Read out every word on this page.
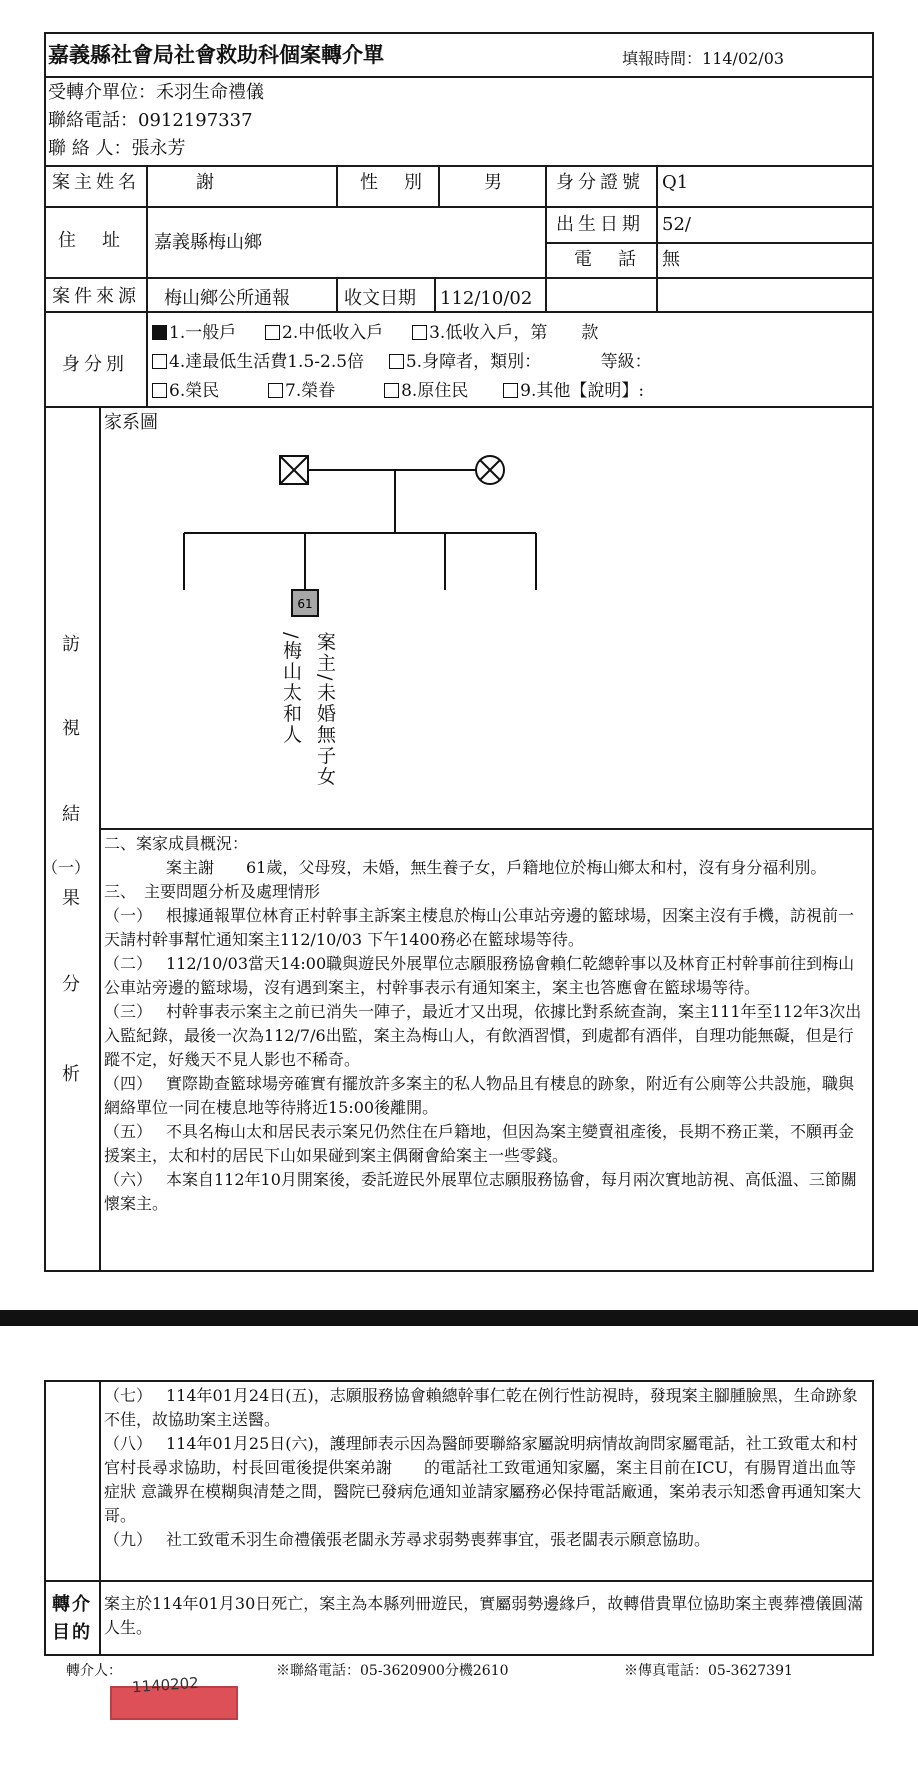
嘉義縣社會局社會救助科個案轉介單	填報時間：114/02/03
受轉介單位：禾羽生命禮儀
聯絡電話：0912197337
聯 絡 人：張永芳
案主姓名	謝	性　別	男	身分證號 Q1
住　址 嘉義縣梅山鄉
出生日期 52/
電　話 無
案件來源 梅山鄉公所通報	收文日期 112/10/02
身分別
1.一般戶	2.中低收入戶	3.低收入戶，第　　款
4.達最低生活費1.5-2.5倍 5.身障者，類別：　　　　等級：
6.榮民	7.榮眷	8.原住民	9.其他【說明】:
訪
視
結
果
分
析
家系圖
61
案主/未婚無子女
/梅山太和人
二、案家成員概況：
（一）	案主謝　　61歲，父母歿，未婚，無生養子女，戶籍地位於梅山鄉太和村，沒有身分福利別。
三、　主要問題分析及處理情形
（一） 根據通報單位林育正村幹事主訴案主棲息於梅山公車站旁邊的籃球場，因案主沒有手機，訪視前一天請村幹事幫忙通知案主112/10/03 下午1400務必在籃球場等待。
（二） 112/10/03當天14:00職與遊民外展單位志願服務協會賴仁乾總幹事以及林育正村幹事前往到梅山公車站旁邊的籃球場，沒有遇到案主，村幹事表示有通知案主，案主也答應會在籃球場等待。
（三） 村幹事表示案主之前已消失一陣子，最近才又出現，依據比對系統查詢，案主111年至112年3次出入監紀錄，最後一次為112/7/6出監，案主為梅山人，有飲酒習慣，到處都有酒伴，自理功能無礙，但是行蹤不定，好幾天不見人影也不稀奇。
（四） 實際勘查籃球場旁確實有擺放許多案主的私人物品且有棲息的跡象，附近有公廁等公共設施，職與網絡單位一同在棲息地等待將近15:00後離開。
（五） 不具名梅山太和居民表示案兄仍然住在戶籍地，但因為案主變賣祖產後，長期不務正業，不願再金援案主，太和村的居民下山如果碰到案主偶爾會給案主一些零錢。
（六） 本案自112年10月開案後，委託遊民外展單位志願服務協會，每月兩次實地訪視、高低溫、三節關懷案主。
（七） 114年01月24日(五)，志願服務協會賴總幹事仁乾在例行性訪視時，發現案主腳腫臉黑，生命跡象不佳，故協助案主送醫。
（八） 114年01月25日(六)，護理師表示因為醫師要聯絡家屬說明病情故詢問家屬電話，社工致電太和村官村長尋求協助，村長回電後提供案弟謝　　的電話社工致電通知家屬，案主目前在ICU，有腸胃道出血等症狀 意識界在模糊與清楚之間，醫院已發病危通知並請家屬務必保持電話廠通，案弟表示知悉會再通知案大哥。
（九） 社工致電禾羽生命禮儀張老闆永芳尋求弱勢喪葬事宜，張老闆表示願意協助。
轉介
目的
案主於114年01月30日死亡，案主為本縣列冊遊民，實屬弱勢邊緣戶，故轉借貴單位協助案主喪葬禮儀圓滿人生。
轉介人：	※聯絡電話：05-3620900分機2610	※傳真電話：05-3627391
1140202
